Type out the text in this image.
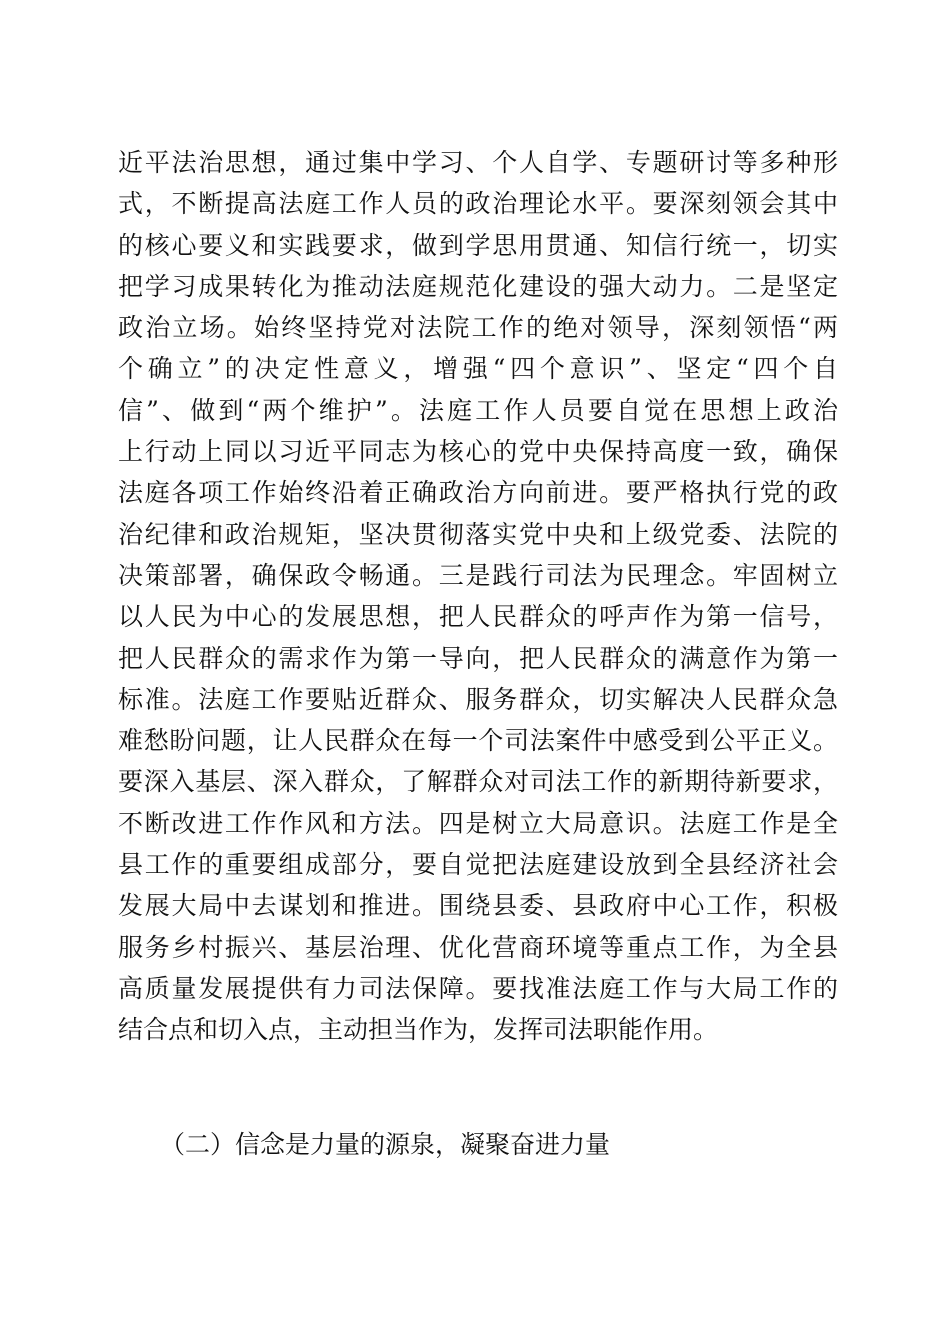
近平法治思想，通过集中学习、个人自学、专题研讨等多种形
式，不断提高法庭工作人员的政治理论水平。要深刻领会其中
的核心要义和实践要求，做到学思用贯通、知信行统一，切实
把学习成果转化为推动法庭规范化建设的强大动力。二是坚定
政治立场。始终坚持党对法院工作的绝对领导，深刻领悟“两
个确立”的决定性意义，增强“四个意识”、坚定“四个自
信”、做到“两个维护”。法庭工作人员要自觉在思想上政治
上行动上同以习近平同志为核心的党中央保持高度一致，确保
法庭各项工作始终沿着正确政治方向前进。要严格执行党的政
治纪律和政治规矩，坚决贯彻落实党中央和上级党委、法院的
决策部署，确保政令畅通。三是践行司法为民理念。牢固树立
以人民为中心的发展思想，把人民群众的呼声作为第一信号，
把人民群众的需求作为第一导向，把人民群众的满意作为第一
标准。法庭工作要贴近群众、服务群众，切实解决人民群众急
难愁盼问题，让人民群众在每一个司法案件中感受到公平正义。
要深入基层、深入群众，了解群众对司法工作的新期待新要求，
不断改进工作作风和方法。四是树立大局意识。法庭工作是全
县工作的重要组成部分，要自觉把法庭建设放到全县经济社会
发展大局中去谋划和推进。围绕县委、县政府中心工作，积极
服务乡村振兴、基层治理、优化营商环境等重点工作，为全县
高质量发展提供有力司法保障。要找准法庭工作与大局工作的
结合点和切入点，主动担当作为，发挥司法职能作用。
（二）信念是力量的源泉，凝聚奋进力量
